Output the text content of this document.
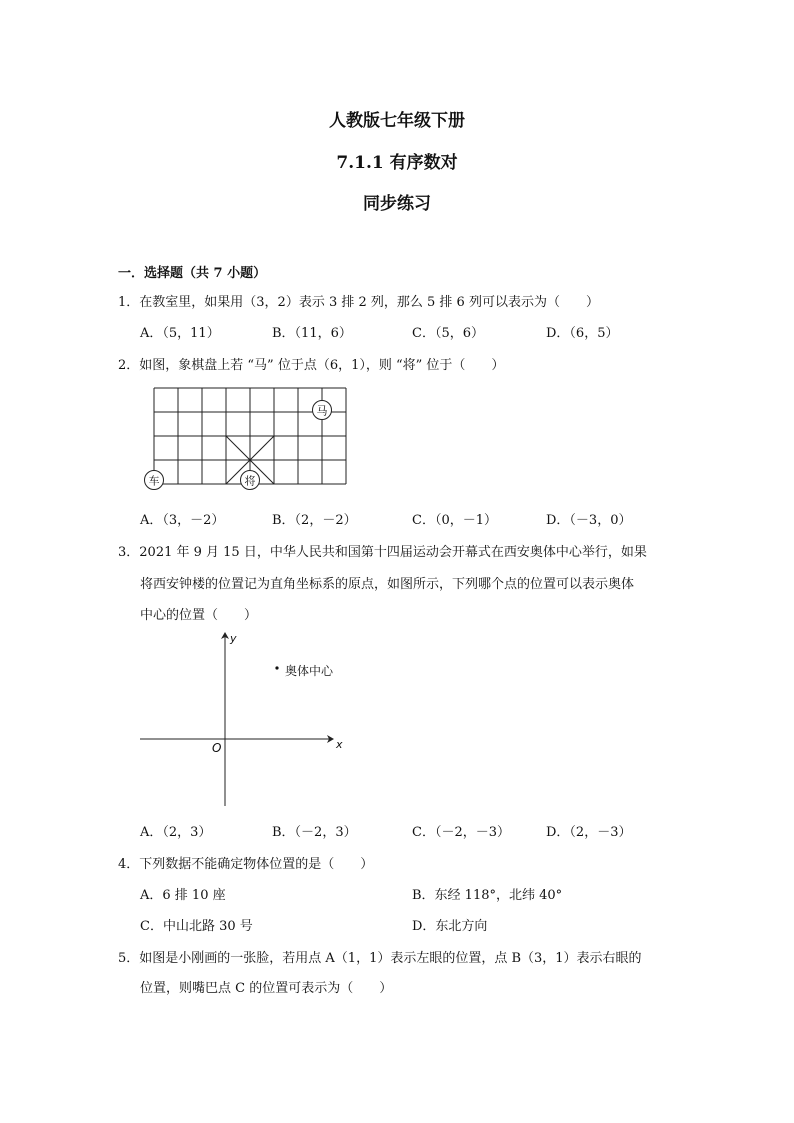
人教版七年级下册
7.1.1 有序数对
同步练习
一．选择题（共 7 小题）
1．在教室里，如果用（3，2）表示 3 排 2 列，那么 5 排 6 列可以表示为（　　）
A．（5，11）	B．（11，6）	C．（5，6）	D．（6，5）
2．如图，象棋盘上若 “马” 位于点（6，1），则 “将” 位于（　　）
马
车	将
A．（3，－2）	B．（2，－2）	C．（0，－1）	D．（－3，0）
3．2021 年 9 月 15 日，中华人民共和国第十四届运动会开幕式在西安奥体中心举行，如果
将西安钟楼的位置记为直角坐标系的原点，如图所示，下列哪个点的位置可以表示奥体
中心的位置（　　）
y
x
O
奥体中心
A．（2，3）	B．（－2，3）	C．（－2，－3）	D．（2，－3）
4．下列数据不能确定物体位置的是（　　）
A．6 排 10 座	B．东经 118°，北纬 40°
C．中山北路 30 号	D．东北方向
5．如图是小刚画的一张脸，若用点 A（1，1）表示左眼的位置，点 B（3，1）表示右眼的
位置，则嘴巴点 C 的位置可表示为（　　）
